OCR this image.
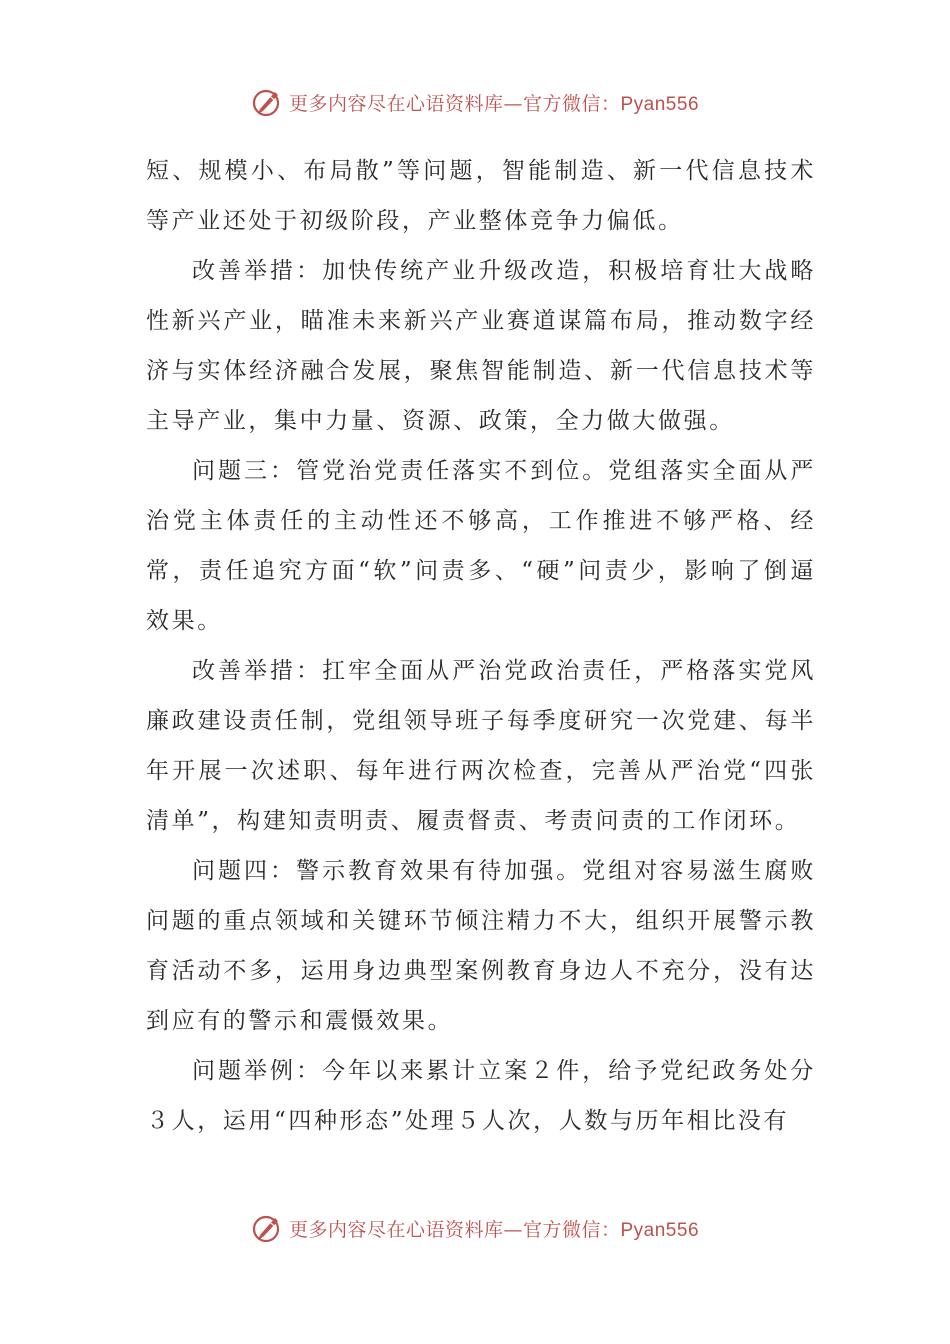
更多内容尽在心语资料库—官方微信：Pyan556

短、规模小、布局散”等问题，智能制造、新一代信息技术等产业还处于初级阶段，产业整体竞争力偏低。

改善举措：加快传统产业升级改造，积极培育壮大战略性新兴产业，瞄准未来新兴产业赛道谋篇布局，推动数字经济与实体经济融合发展，聚焦智能制造、新一代信息技术等主导产业，集中力量、资源、政策，全力做大做强。

问题三：管党治党责任落实不到位。党组落实全面从严治党主体责任的主动性还不够高，工作推进不够严格、经常，责任追究方面“软”问责多、“硬”问责少，影响了倒逼效果。

改善举措：扛牢全面从严治党政治责任，严格落实党风廉政建设责任制，党组领导班子每季度研究一次党建、每半年开展一次述职、每年进行两次检查，完善从严治党“四张清单”，构建知责明责、履责督责、考责问责的工作闭环。

问题四：警示教育效果有待加强。党组对容易滋生腐败问题的重点领域和关键环节倾注精力不大，组织开展警示教育活动不多，运用身边典型案例教育身边人不充分，没有达到应有的警示和震慑效果。

问题举例：今年以来累计立案２件，给予党纪政务处分３人，运用“四种形态”处理５人次，人数与历年相比没有

更多内容尽在心语资料库—官方微信：Pyan556
